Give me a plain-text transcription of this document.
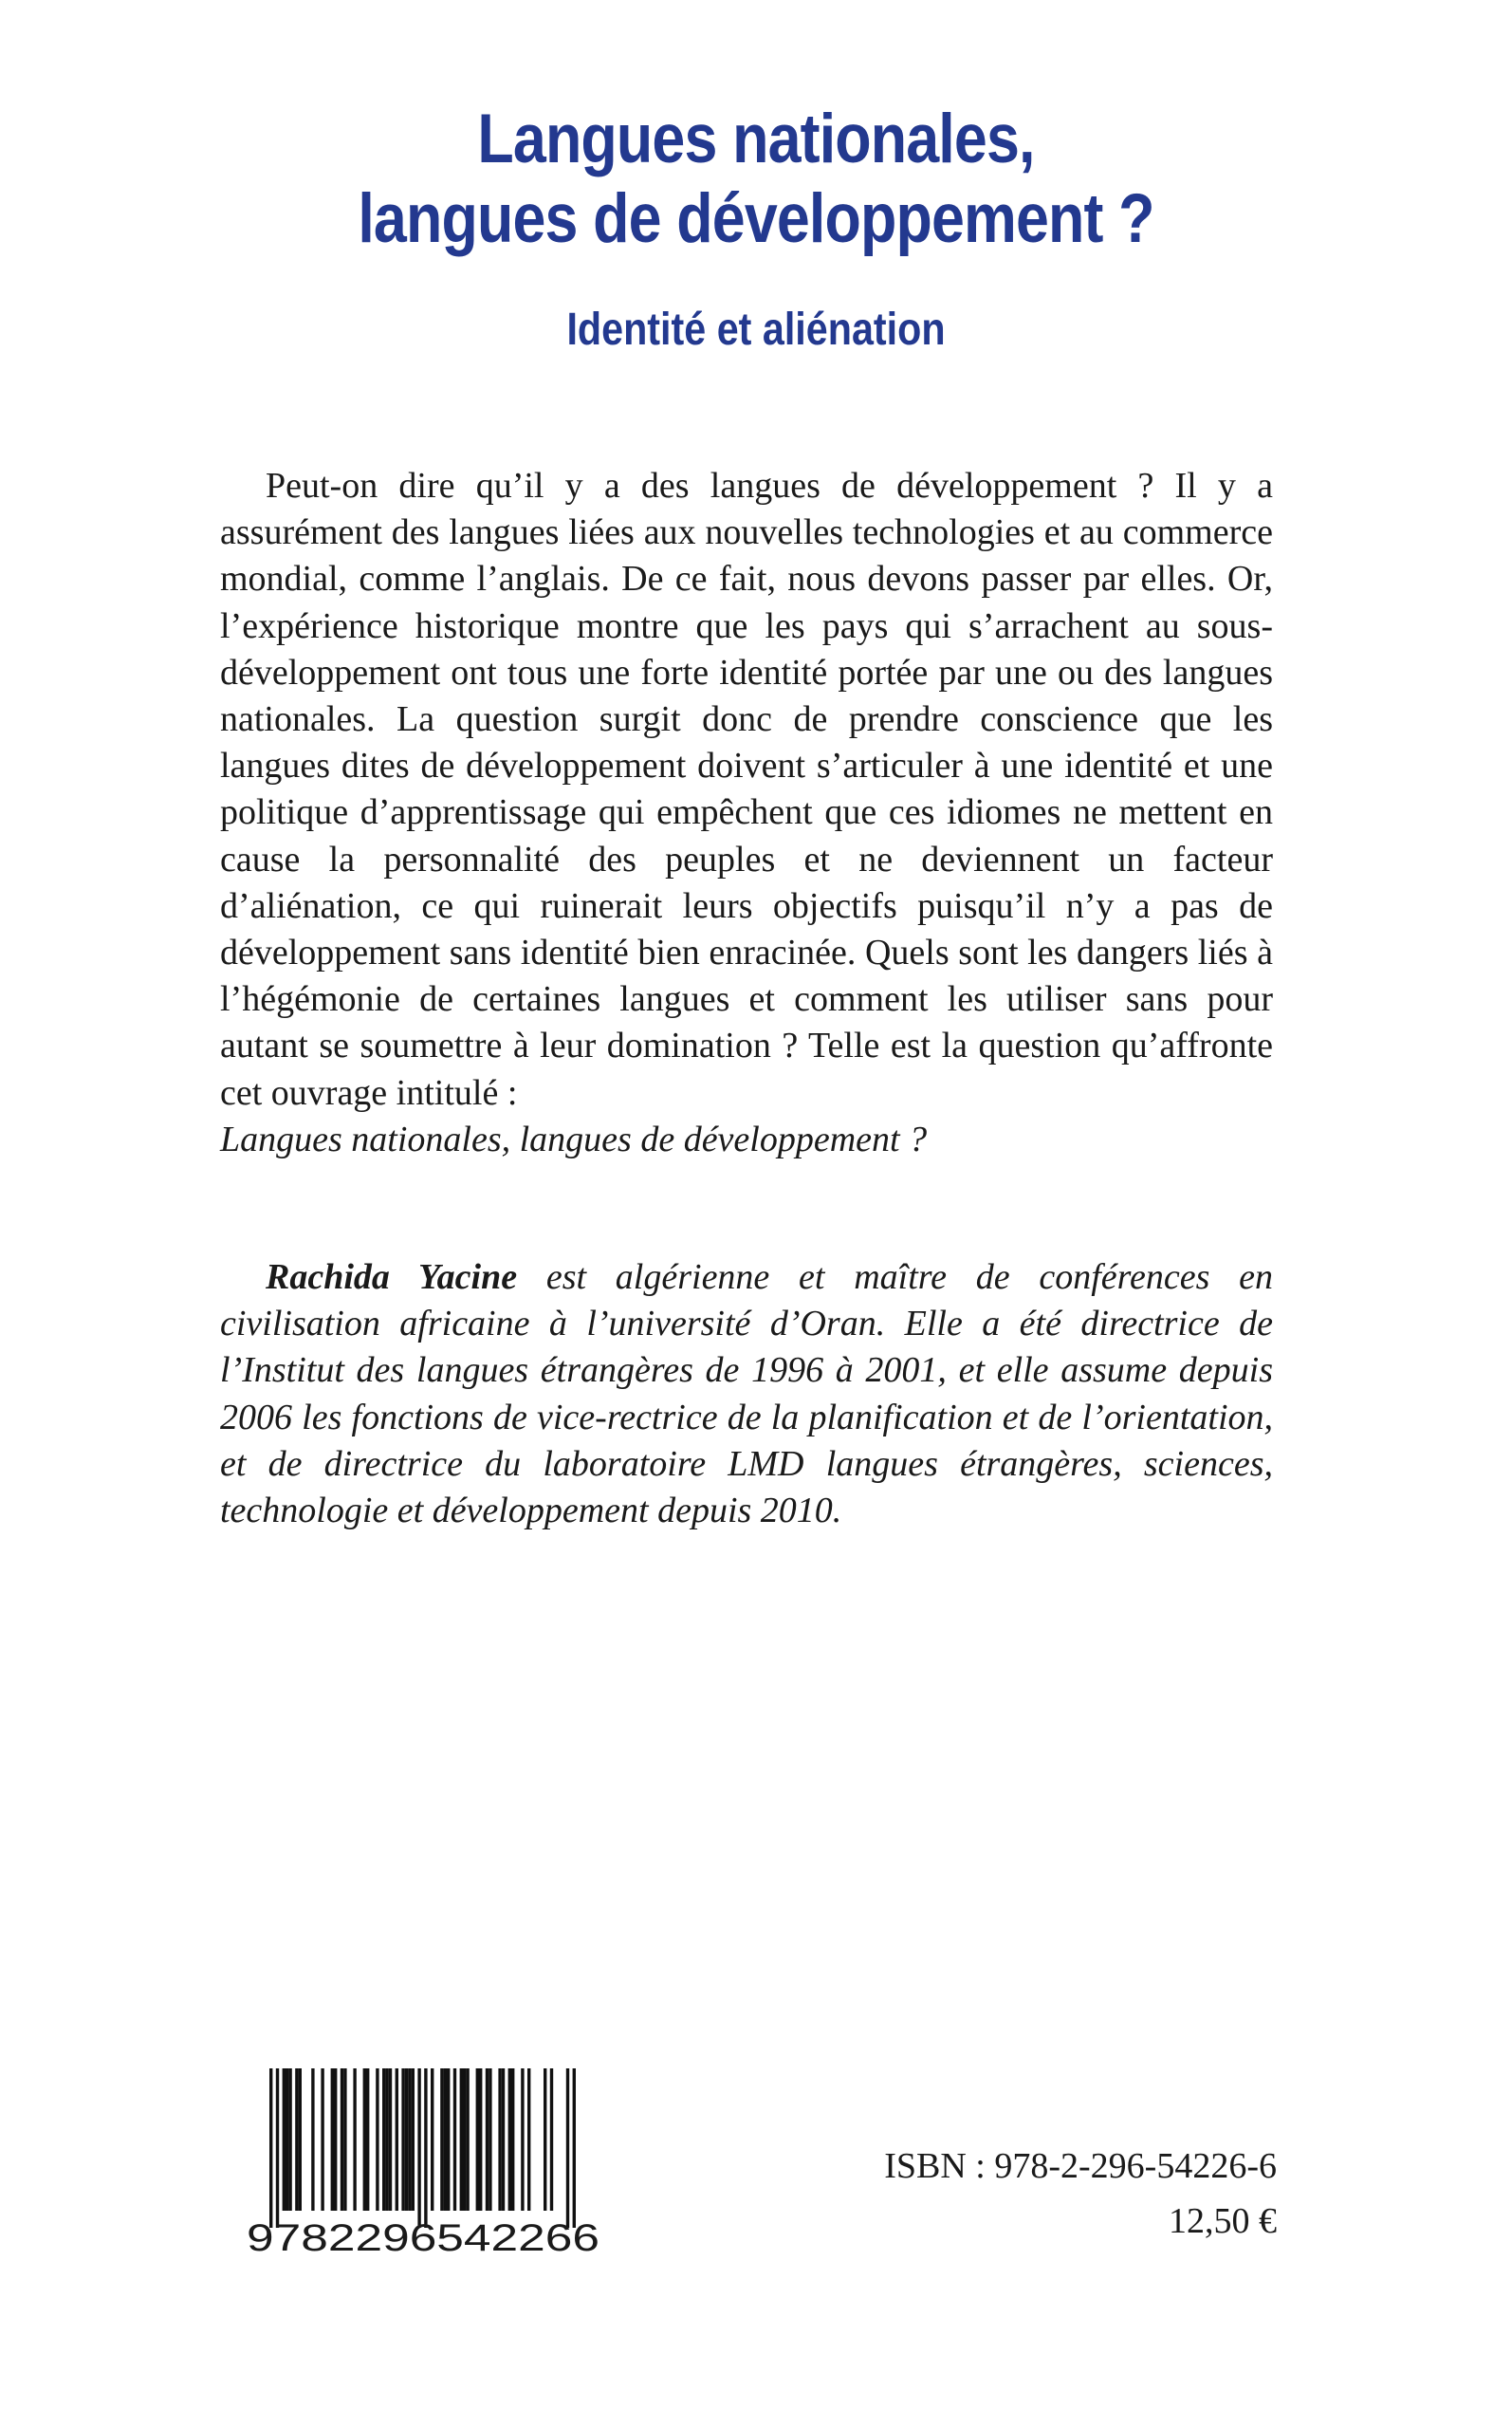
Langues nationales,
langues de développement ?
Identité et aliénation

Peut-on dire qu’il y a des langues de développement ? Il y a assurément des langues liées aux nouvelles technologies et au commerce mondial, comme l’anglais. De ce fait, nous devons passer par elles. Or, l’expérience historique montre que les pays qui s’arrachent au sous-développement ont tous une forte identité portée par une ou des langues nationales. La question surgit donc de prendre conscience que les langues dites de développement doivent s’articuler à une identité et une politique d’apprentissage qui empêchent que ces idiomes ne mettent en cause la personnalité des peuples et ne deviennent un facteur d’aliénation, ce qui ruinerait leurs objectifs puisqu’il n’y a pas de développement sans identité bien enracinée. Quels sont les dangers liés à l’hégémonie de certaines langues et comment les utiliser sans pour autant se soumettre à leur domination ? Telle est la question qu’affronte cet ouvrage intitulé :
Langues nationales, langues de développement ?

Rachida Yacine est algérienne et maître de conférences en civilisation africaine à l’université d’Oran. Elle a été directrice de l’Institut des langues étrangères de 1996 à 2001, et elle assume depuis 2006 les fonctions de vice-rectrice de la planification et de l’orientation, et de directrice du laboratoire LMD langues étrangères, sciences, technologie et développement depuis 2010.

9782296542266
ISBN : 978-2-296-54226-6
12,50 €
